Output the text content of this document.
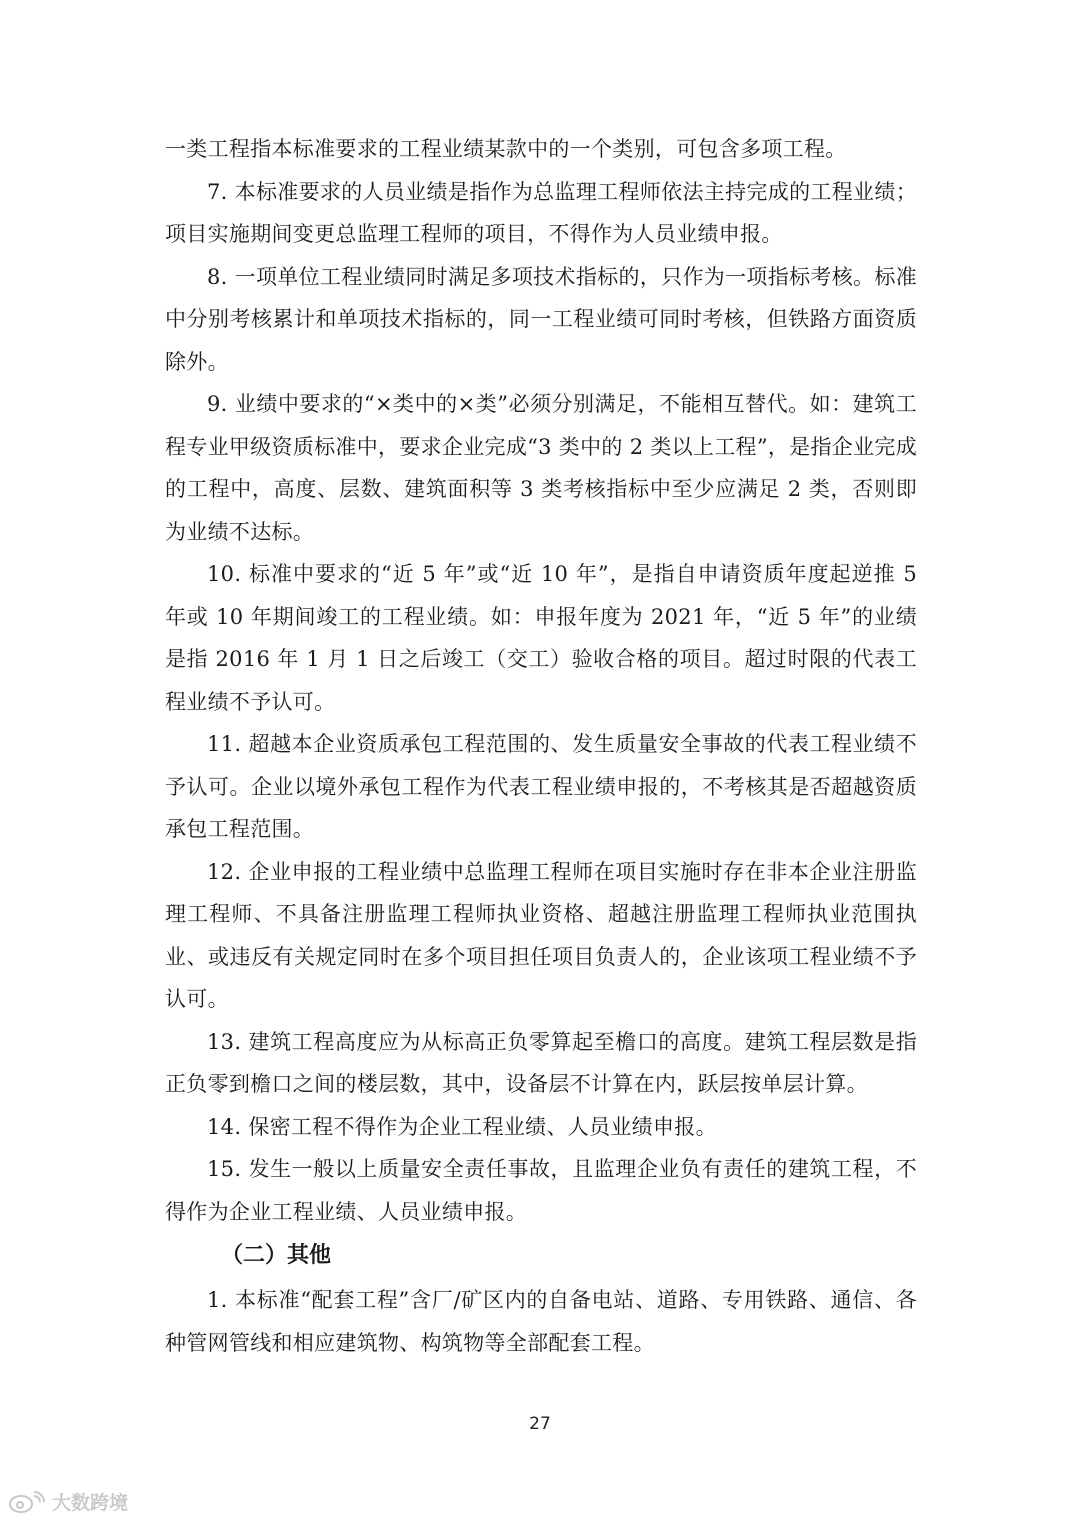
一类工程指本标准要求的工程业绩某款中的一个类别，可包含多项工程。

7. 本标准要求的人员业绩是指作为总监理工程师依法主持完成的工程业绩；项目实施期间变更总监理工程师的项目，不得作为人员业绩申报。

8. 一项单位工程业绩同时满足多项技术指标的，只作为一项指标考核。标准中分别考核累计和单项技术指标的，同一工程业绩可同时考核，但铁路方面资质除外。

9. 业绩中要求的“×类中的×类”必须分别满足，不能相互替代。如：建筑工程专业甲级资质标准中，要求企业完成“3 类中的 2 类以上工程”，是指企业完成的工程中，高度、层数、建筑面积等 3 类考核指标中至少应满足 2 类，否则即为业绩不达标。

10. 标准中要求的“近 5 年”或“近 10 年”，是指自申请资质年度起逆推 5 年或 10 年期间竣工的工程业绩。如：申报年度为 2021 年，“近 5 年”的业绩是指 2016 年 1 月 1 日之后竣工（交工）验收合格的项目。超过时限的代表工程业绩不予认可。

11. 超越本企业资质承包工程范围的、发生质量安全事故的代表工程业绩不予认可。企业以境外承包工程作为代表工程业绩申报的，不考核其是否超越资质承包工程范围。

12. 企业申报的工程业绩中总监理工程师在项目实施时存在非本企业注册监理工程师、不具备注册监理工程师执业资格、超越注册监理工程师执业范围执业、或违反有关规定同时在多个项目担任项目负责人的，企业该项工程业绩不予认可。

13. 建筑工程高度应为从标高正负零算起至檐口的高度。建筑工程层数是指正负零到檐口之间的楼层数，其中，设备层不计算在内，跃层按单层计算。

14. 保密工程不得作为企业工程业绩、人员业绩申报。

15. 发生一般以上质量安全责任事故，且监理企业负有责任的建筑工程，不得作为企业工程业绩、人员业绩申报。

（二）其他

1. 本标准“配套工程”含厂/矿区内的自备电站、道路、专用铁路、通信、各种管网管线和相应建筑物、构筑物等全部配套工程。

27
大数跨境
